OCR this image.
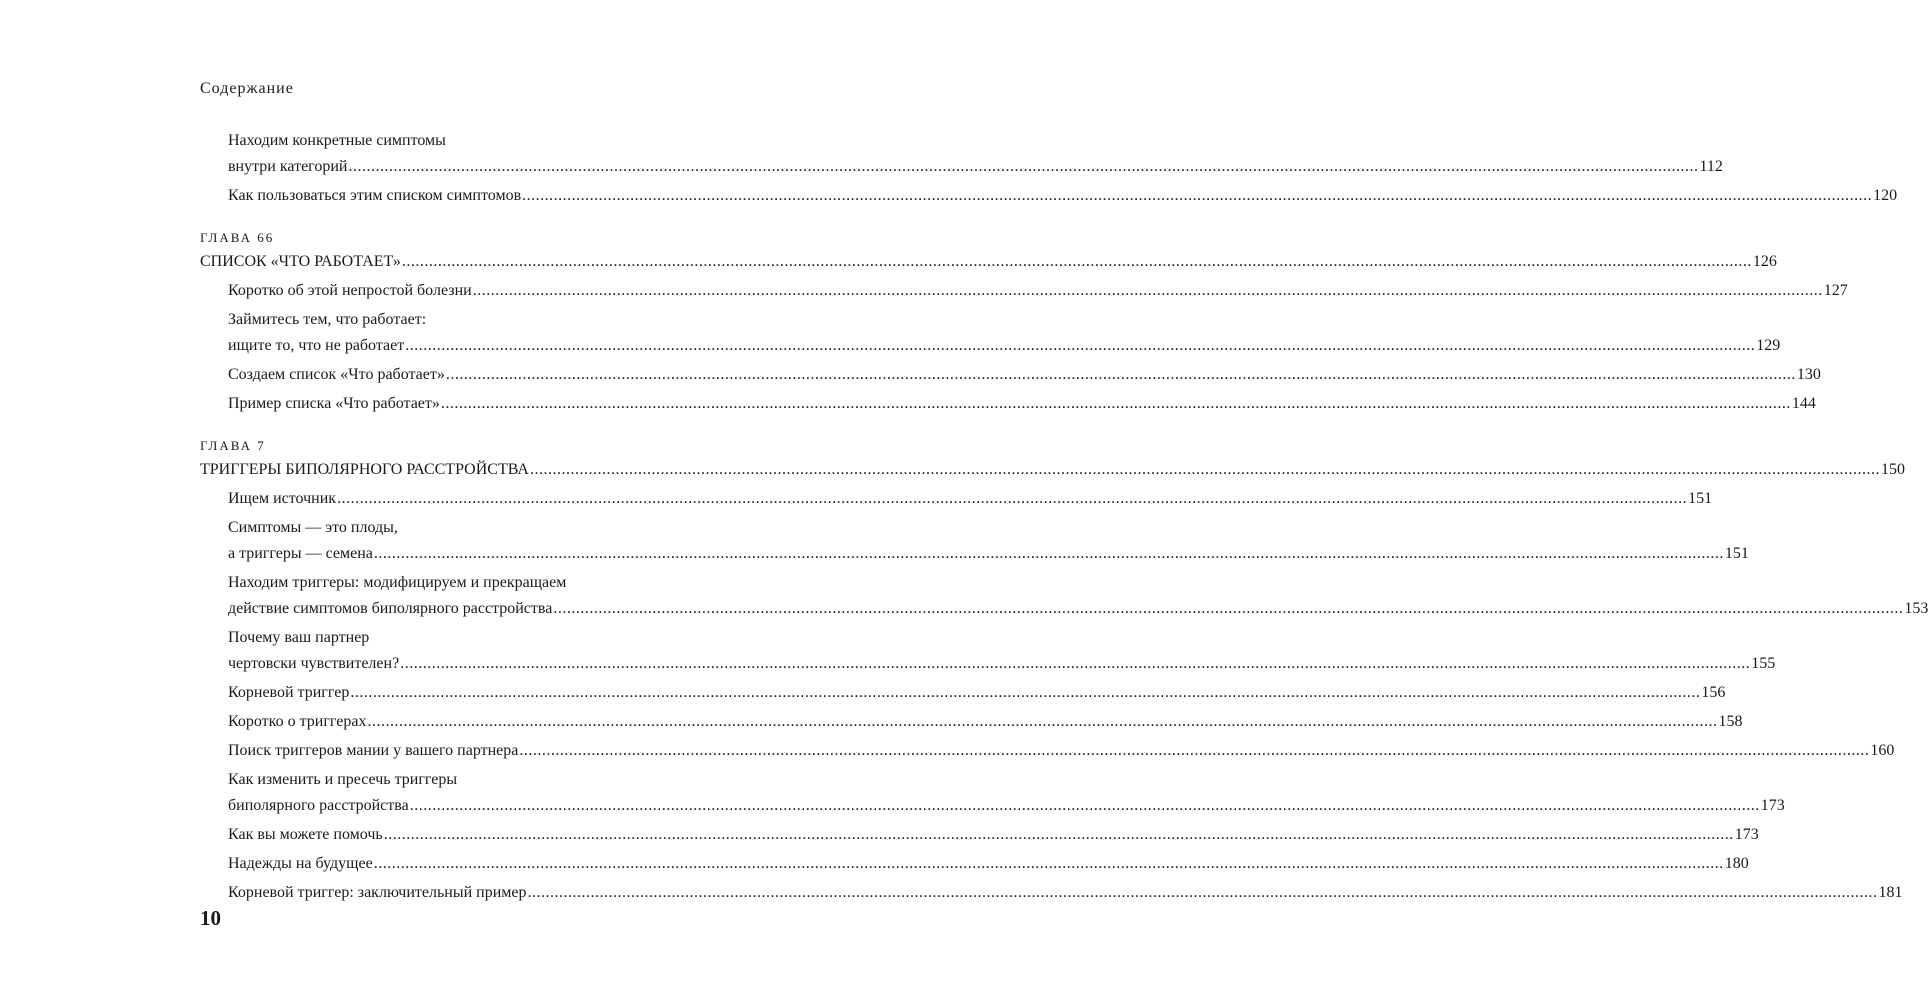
Содержание
Находим конкретные симптомы
внутри категорий ............................................................................................................................................................................................................................................................................................................ 112
Как пользоваться этим списком симптомов ............................................................................................................................................................................................................................................................................................................ 120
ГЛАВА 66
СПИСОК «ЧТО РАБОТАЕТ» ............................................................................................................................................................................................................................................................................................................ 126
Коротко об этой непростой болезни ............................................................................................................................................................................................................................................................................................................ 127
Займитесь тем, что работает:
ищите то, что не работает ............................................................................................................................................................................................................................................................................................................ 129
Создаем список «Что работает» ............................................................................................................................................................................................................................................................................................................ 130
Пример списка «Что работает» ............................................................................................................................................................................................................................................................................................................ 144
ГЛАВА 7
ТРИГГЕРЫ БИПОЛЯРНОГО РАССТРОЙСТВА ............................................................................................................................................................................................................................................................................................................ 150
Ищем источник ............................................................................................................................................................................................................................................................................................................ 151
Симптомы — это плоды,
а триггеры — семена ............................................................................................................................................................................................................................................................................................................ 151
Находим триггеры: модифицируем и прекращаем
действие симптомов биполярного расстройства ............................................................................................................................................................................................................................................................................................................ 153
Почему ваш партнер
чертовски чувствителен? ............................................................................................................................................................................................................................................................................................................ 155
Корневой триггер ............................................................................................................................................................................................................................................................................................................ 156
Коротко о триггерах ............................................................................................................................................................................................................................................................................................................ 158
Поиск триггеров мании у вашего партнера ............................................................................................................................................................................................................................................................................................................ 160
Как изменить и пресечь триггеры
биполярного расстройства ............................................................................................................................................................................................................................................................................................................ 173
Как вы можете помочь ............................................................................................................................................................................................................................................................................................................ 173
Надежды на будущее ............................................................................................................................................................................................................................................................................................................ 180
Корневой триггер: заключительный пример ............................................................................................................................................................................................................................................................................................................ 181
10
